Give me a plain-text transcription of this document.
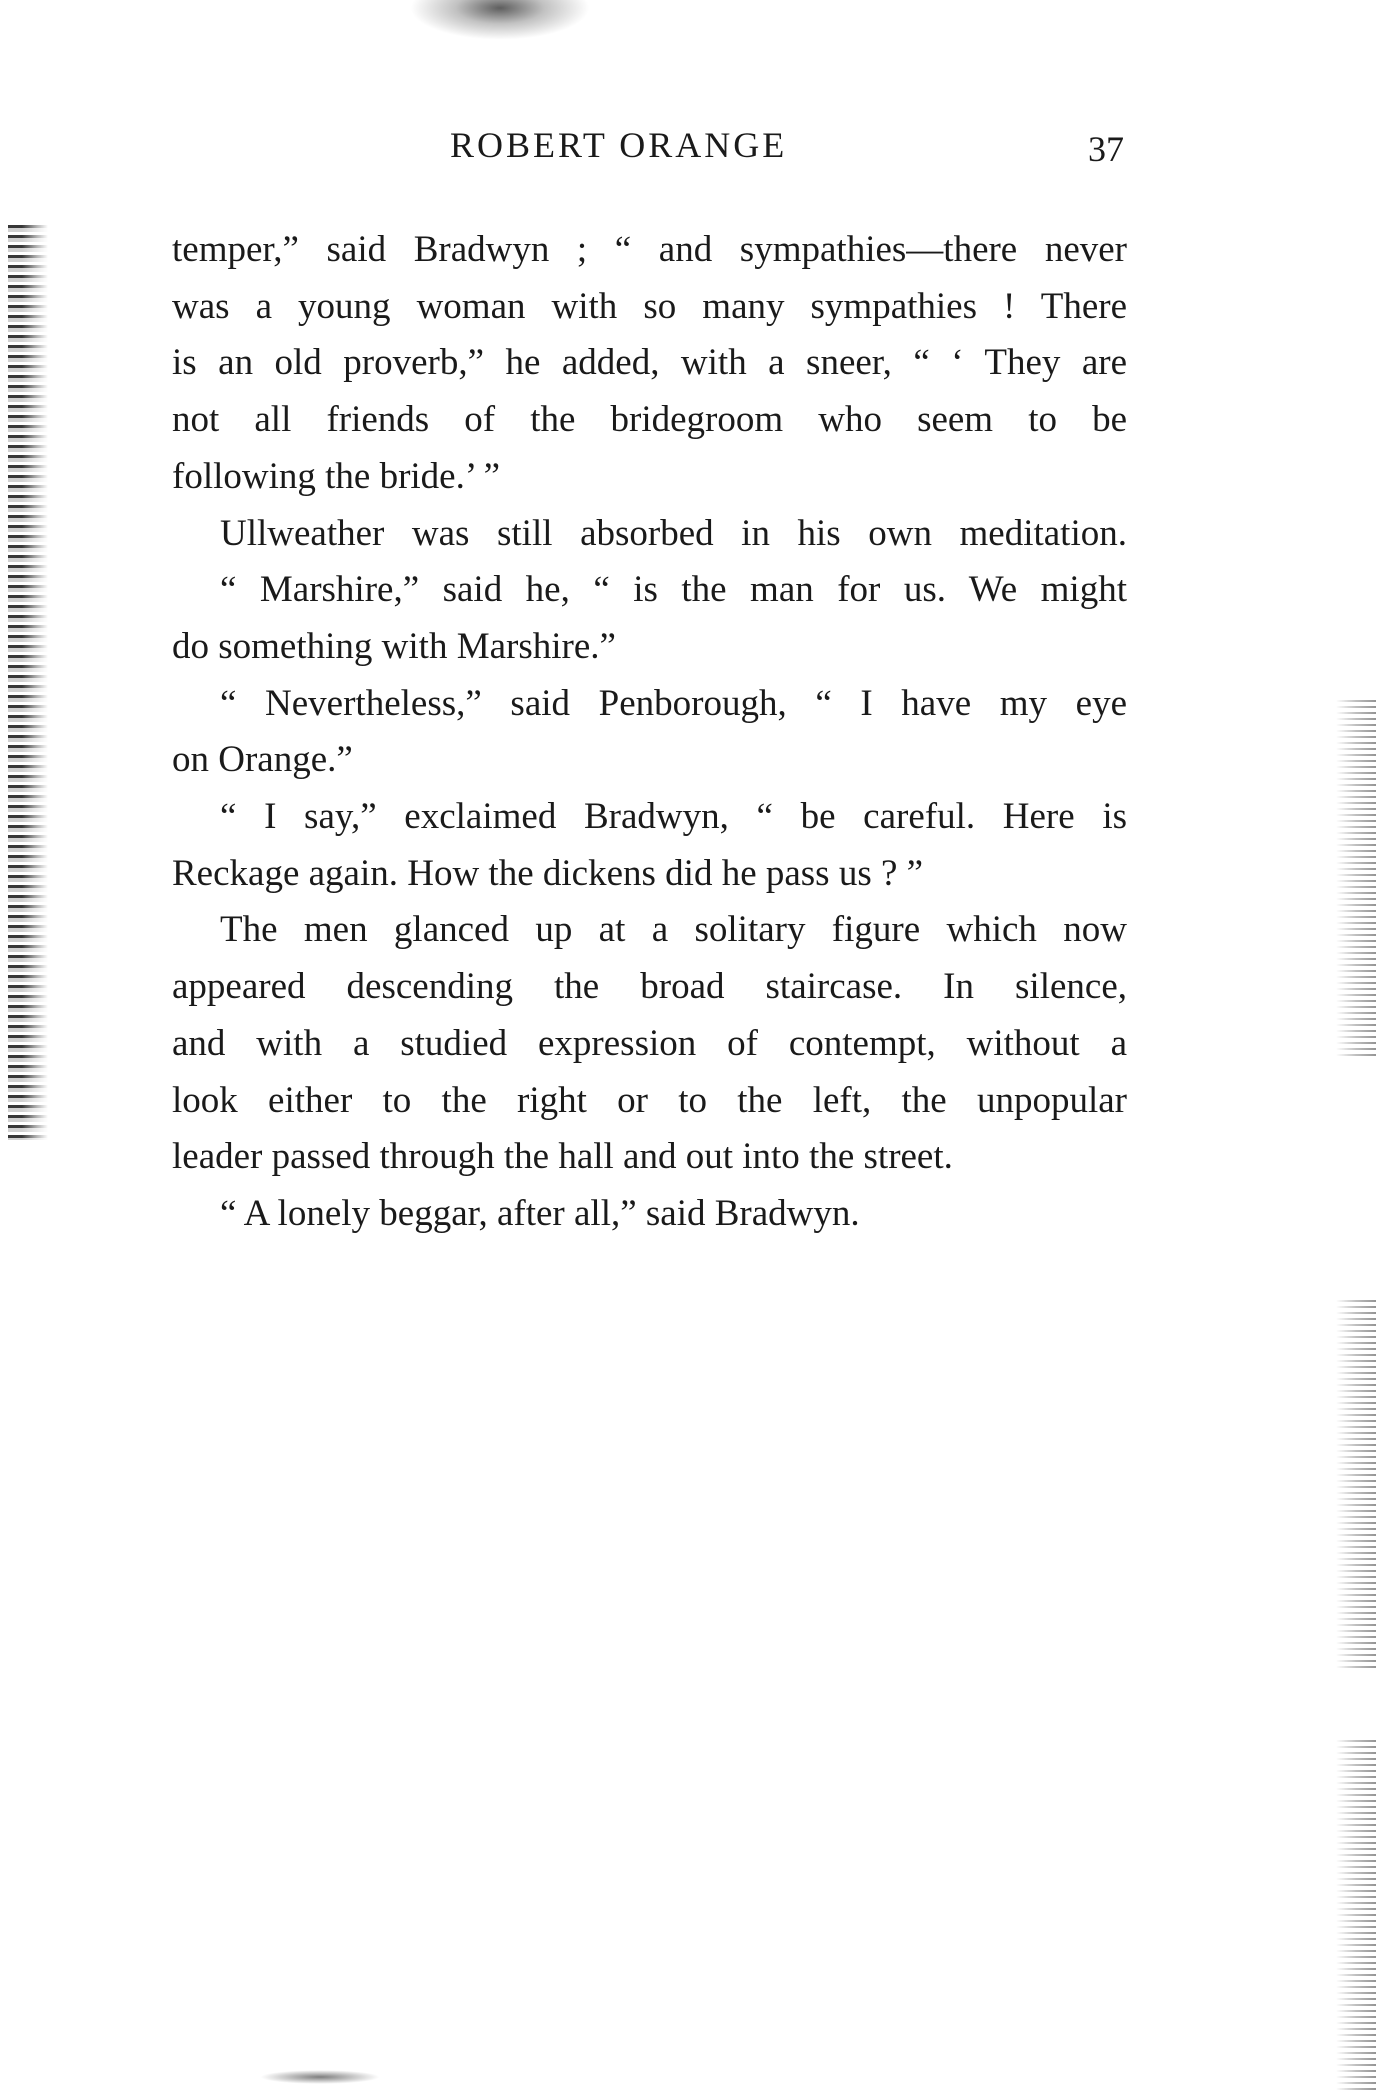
ROBERT ORANGE	37
temper,” said Bradwyn ; “ and sympathies—there never
was a young woman with so many sympathies ! There
is an old proverb,” he added, with a sneer, “ ‘ They are
not all friends of the bridegroom who seem to be
following the bride.’ ”
Ullweather was still absorbed in his own meditation.
“ Marshire,” said he, “ is the man for us. We might
do something with Marshire.”
“ Nevertheless,” said Penborough, “ I have my eye
on Orange.”
“ I say,” exclaimed Bradwyn, “ be careful. Here is
Reckage again. How the dickens did he pass us ? ”
The men glanced up at a solitary figure which now
appeared descending the broad staircase. In silence,
and with a studied expression of contempt, without a
look either to the right or to the left, the unpopular
leader passed through the hall and out into the street.
“ A lonely beggar, after all,” said Bradwyn.
